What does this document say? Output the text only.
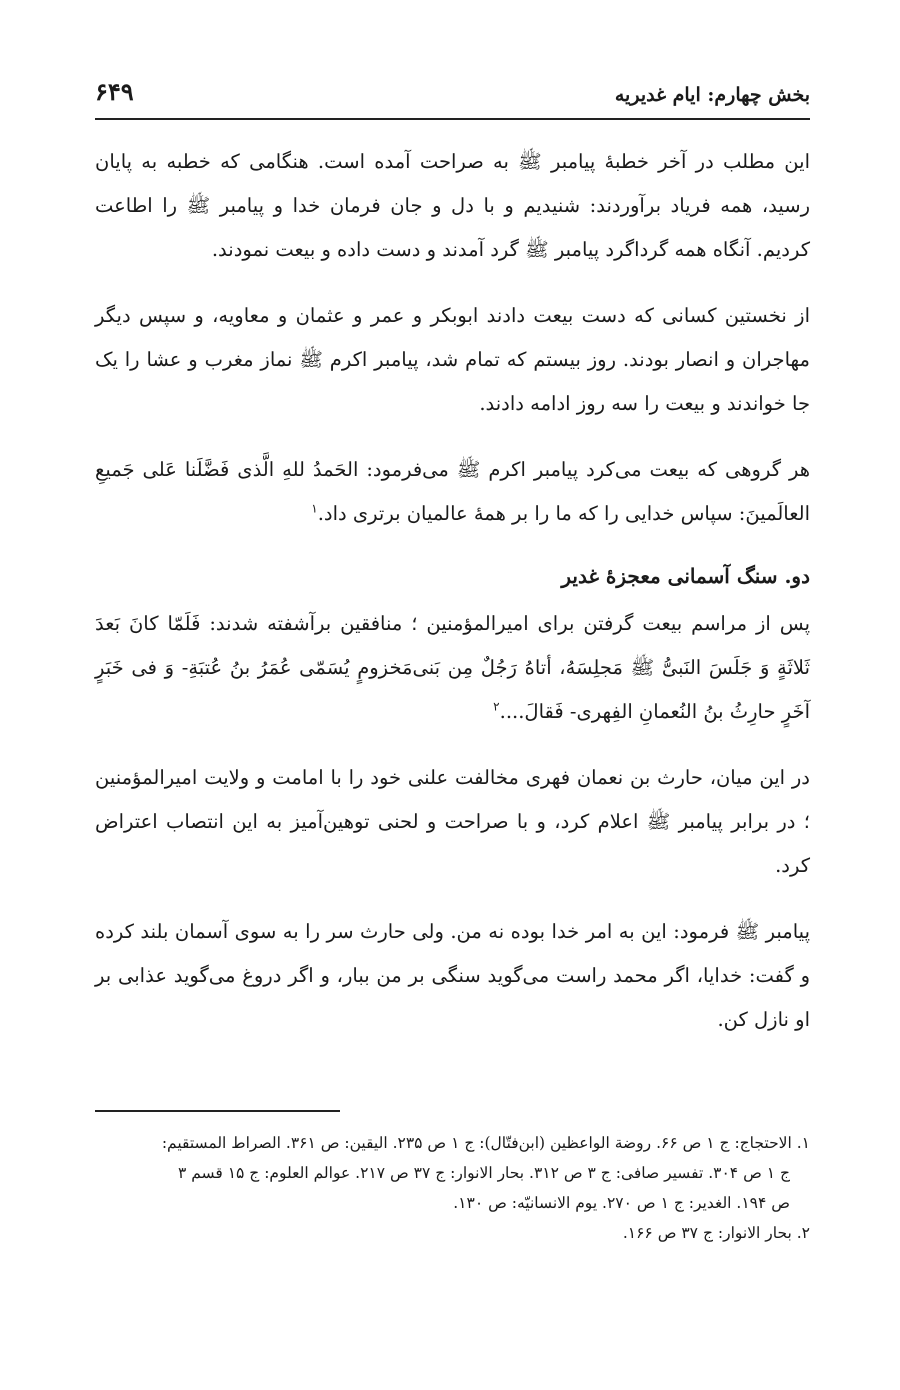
بخش چهارم: ایام غدیریه
۶۴۹

این مطلب در آخر خطبهٔ پیامبر ﷺ به صراحت آمده است. هنگامی که خطبه به پایان رسید، همه فریاد برآوردند: شنیدیم و با دل و جان فرمان خدا و پیامبر ﷺ را اطاعت کردیم. آنگاه همه گرداگرد پیامبر ﷺ گرد آمدند و دست داده و بیعت نمودند.

از نخستین کسانی که دست بیعت دادند ابوبکر و عمر و عثمان و معاویه، و سپس دیگر مهاجران و انصار بودند. روز بیستم که تمام شد، پیامبر اکرم ﷺ نماز مغرب و عشا را یک جا خواندند و بیعت را سه روز ادامه دادند.

هر گروهی که بیعت می‌کرد پیامبر اکرم ﷺ می‌فرمود: الحَمدُ للهِ الَّذی فَضَّلَنا عَلی جَمیعِ العالَمینَ: سپاس خدایی را که ما را بر همهٔ عالمیان برتری داد.$^۱$

دو. سنگ آسمانی معجزهٔ غدیر

پس از مراسم بیعت گرفتن برای امیرالمؤمنین ؛ منافقین برآشفته شدند: فَلَمّا کانَ بَعدَ ثَلاثَةٍ وَ جَلَسَ النَبیُّ ﷺ مَجلِسَهُ، أتاهُ رَجُلٌ مِن بَنی‌مَخزومٍ یُسَمّی عُمَرُ بنُ عُتبَةِ- وَ فی خَبَرٍ آخَرٍ حارِثُ بنُ النُعمانِ الفِهری- فَقالَ....$^۲$

در این میان، حارث بن نعمان فهری مخالفت علنی خود را با امامت و ولایت امیرالمؤمنین ؛ در برابر پیامبر ﷺ اعلام کرد، و با صراحت و لحنی توهین‌آمیز به این انتصاب اعتراض کرد.

پیامبر ﷺ فرمود: این به امر خدا بوده نه من. ولی حارث سر را به سوی آسمان بلند کرده و گفت: خدایا، اگر محمد راست می‌گوید سنگی بر من ببار، و اگر دروغ می‌گوید عذابی بر او نازل کن.

۱. الاحتجاج: ج ۱ ص ۶۶. روضة الواعظین (ابن‌فتّال): ج ۱ ص ۲۳۵. الیقین: ص ۳۶۱. الصراط المستقیم:

ج ۱ ص ۳۰۴. تفسیر صافی: ج ۳ ص ۳۱۲. بحار الانوار: ج ۳۷ ص ۲۱۷. عوالم العلوم: ج ۱۵ قسم ۳

ص ۱۹۴. الغدیر: ج ۱ ص ۲۷۰. یوم الانسانیّه: ص ۱۳۰.

۲. بحار الانوار: ج ۳۷ ص ۱۶۶.
